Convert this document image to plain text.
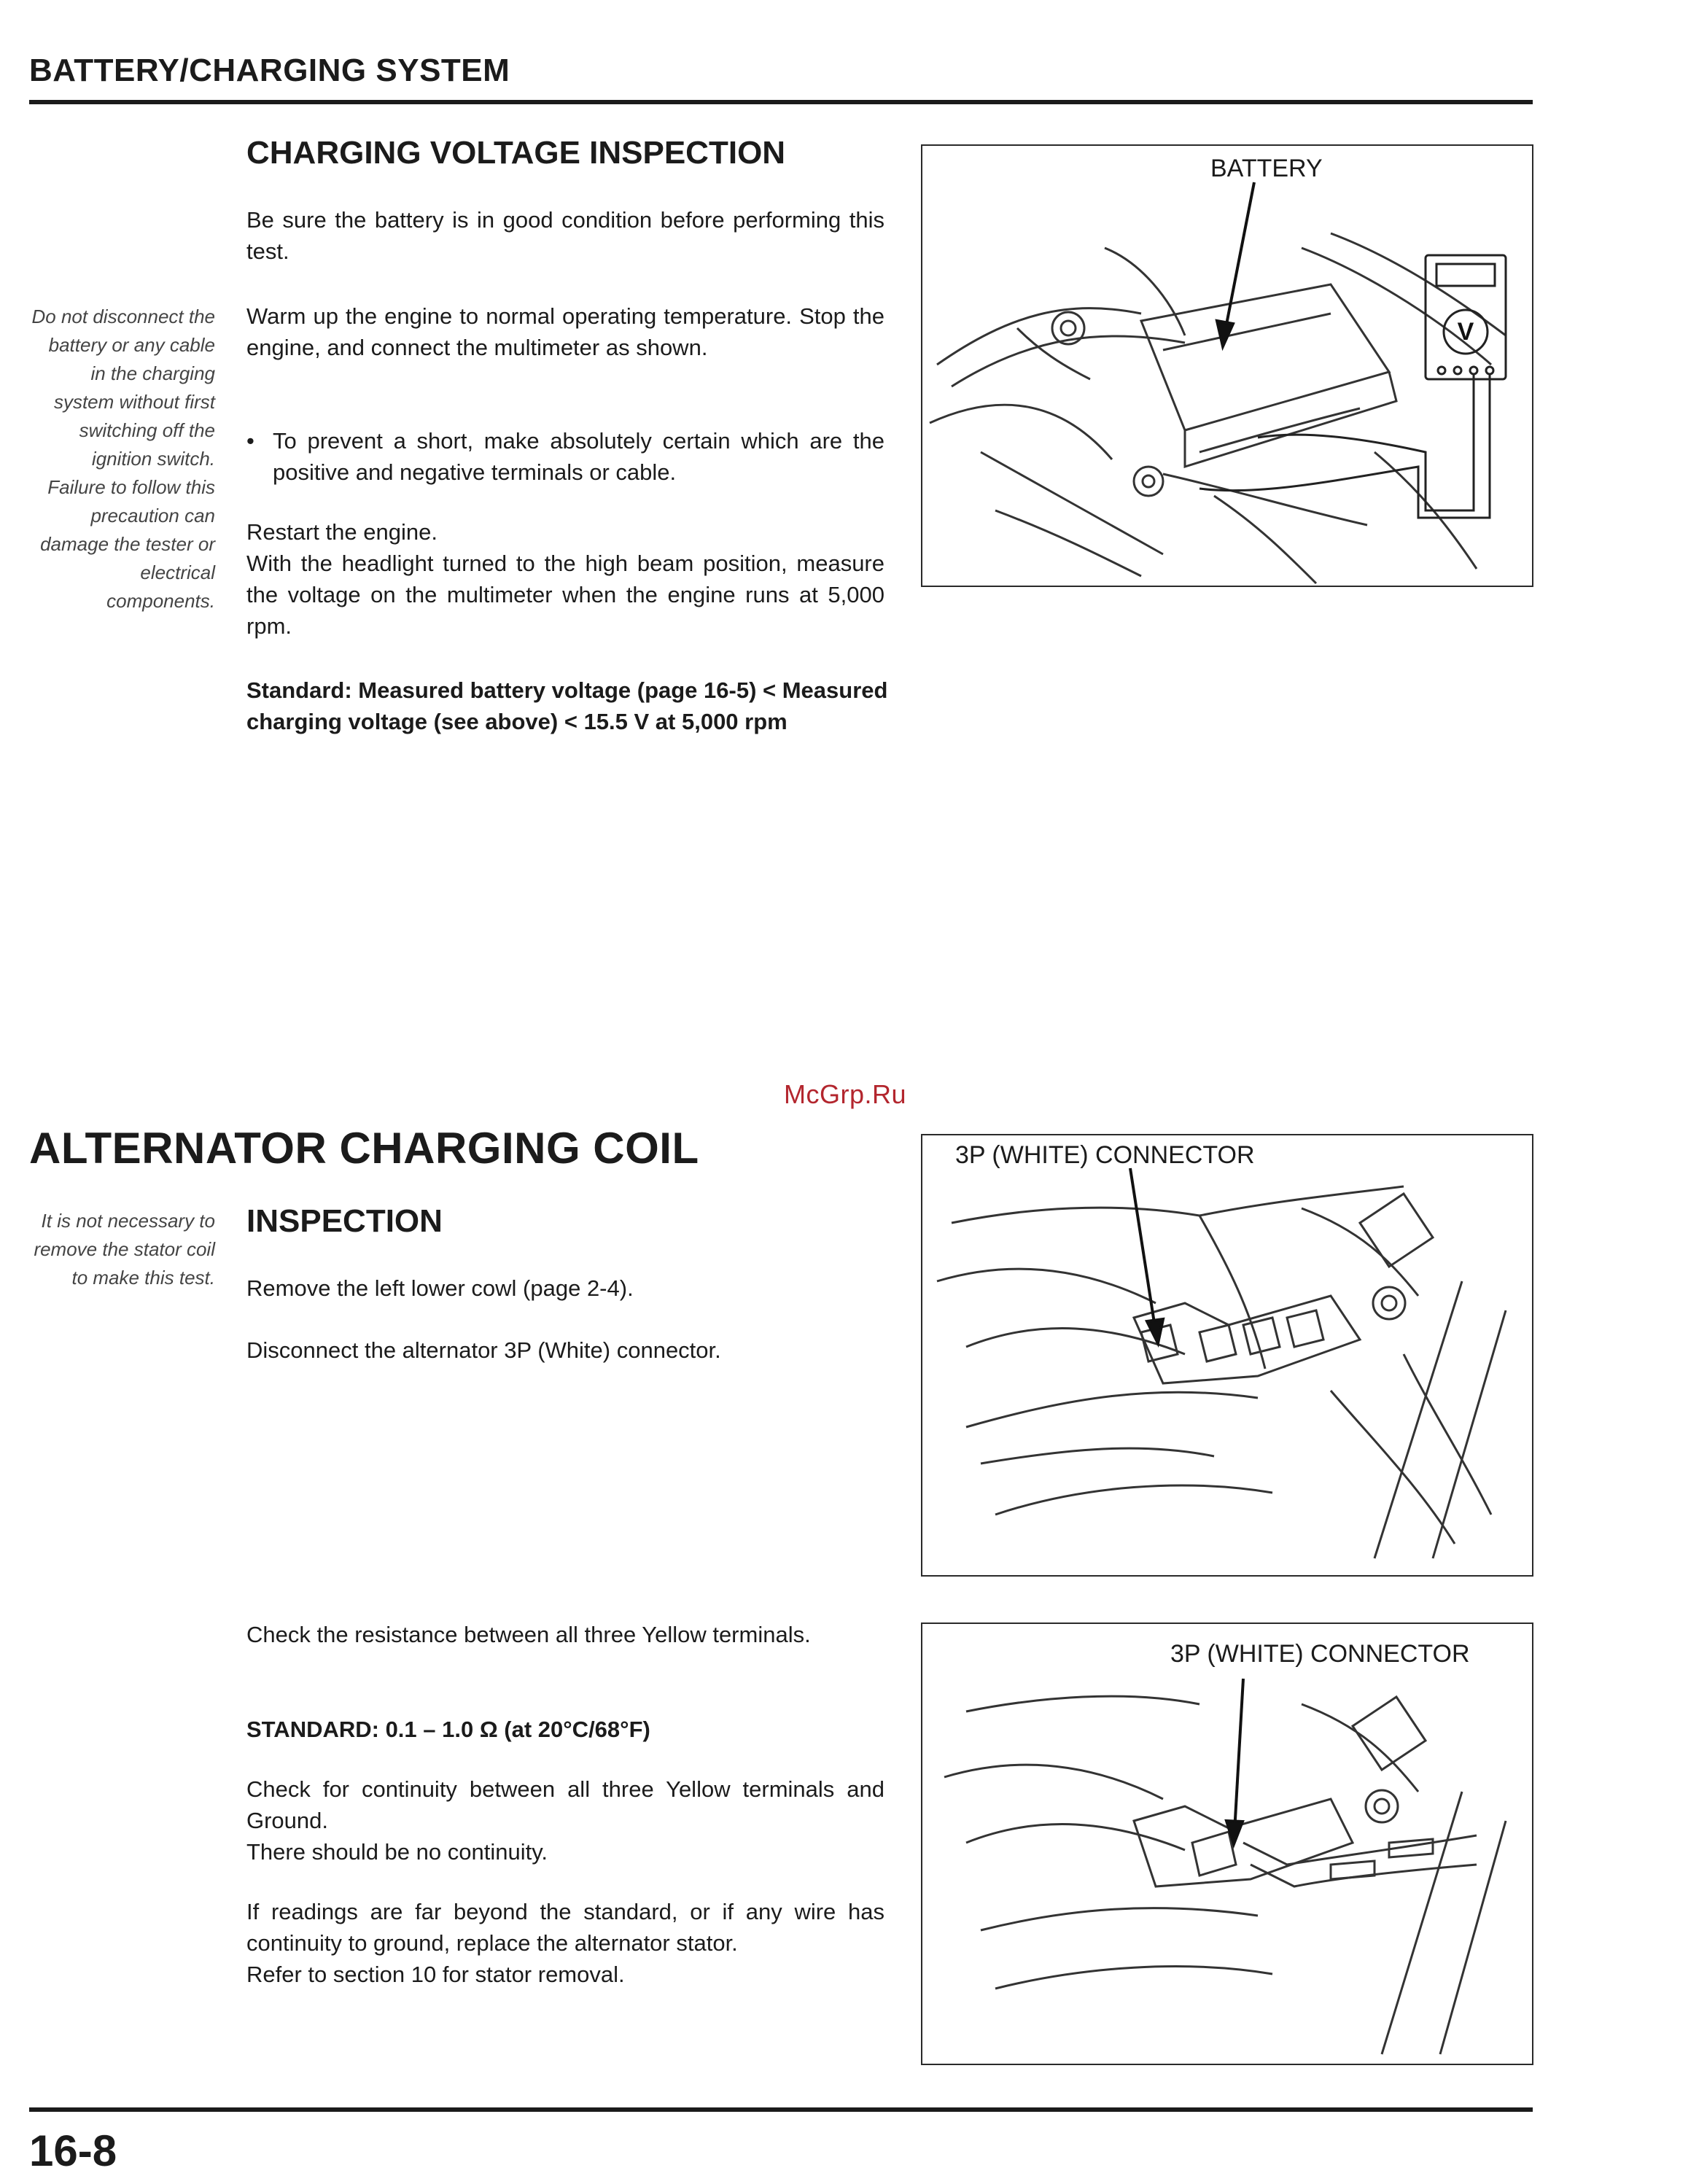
BATTERY/CHARGING SYSTEM
CHARGING VOLTAGE INSPECTION
Be sure the battery is in good condition before performing this test.
Do not disconnect the battery or any cable in the charging system without first switching off the ignition switch. Failure to follow this precaution can damage the tester or electrical components.
Warm up the engine to normal operating temperature. Stop the engine, and connect the multimeter as shown.
• To prevent a short, make absolutely certain which are the positive and negative terminals or cable.
Restart the engine.
With the headlight turned to the high beam position, measure the voltage on the multimeter when the engine runs at 5,000 rpm.
Standard: Measured battery voltage (page 16-5) < Measured charging voltage (see above) < 15.5 V at 5,000 rpm
BATTERY
V
McGrp.Ru
ALTERNATOR CHARGING COIL
It is not necessary to remove the stator coil to make this test.
INSPECTION
Remove the left lower cowl (page 2-4).
Disconnect the alternator 3P (White) connector.
3P (WHITE) CONNECTOR
Check the resistance between all three Yellow terminals.
STANDARD: 0.1 – 1.0 Ω (at 20°C/68°F)
Check for continuity between all three Yellow terminals and Ground.
There should be no continuity.
If readings are far beyond the standard, or if any wire has continuity to ground, replace the alternator stator.
Refer to section 10 for stator removal.
3P (WHITE) CONNECTOR
16-8
